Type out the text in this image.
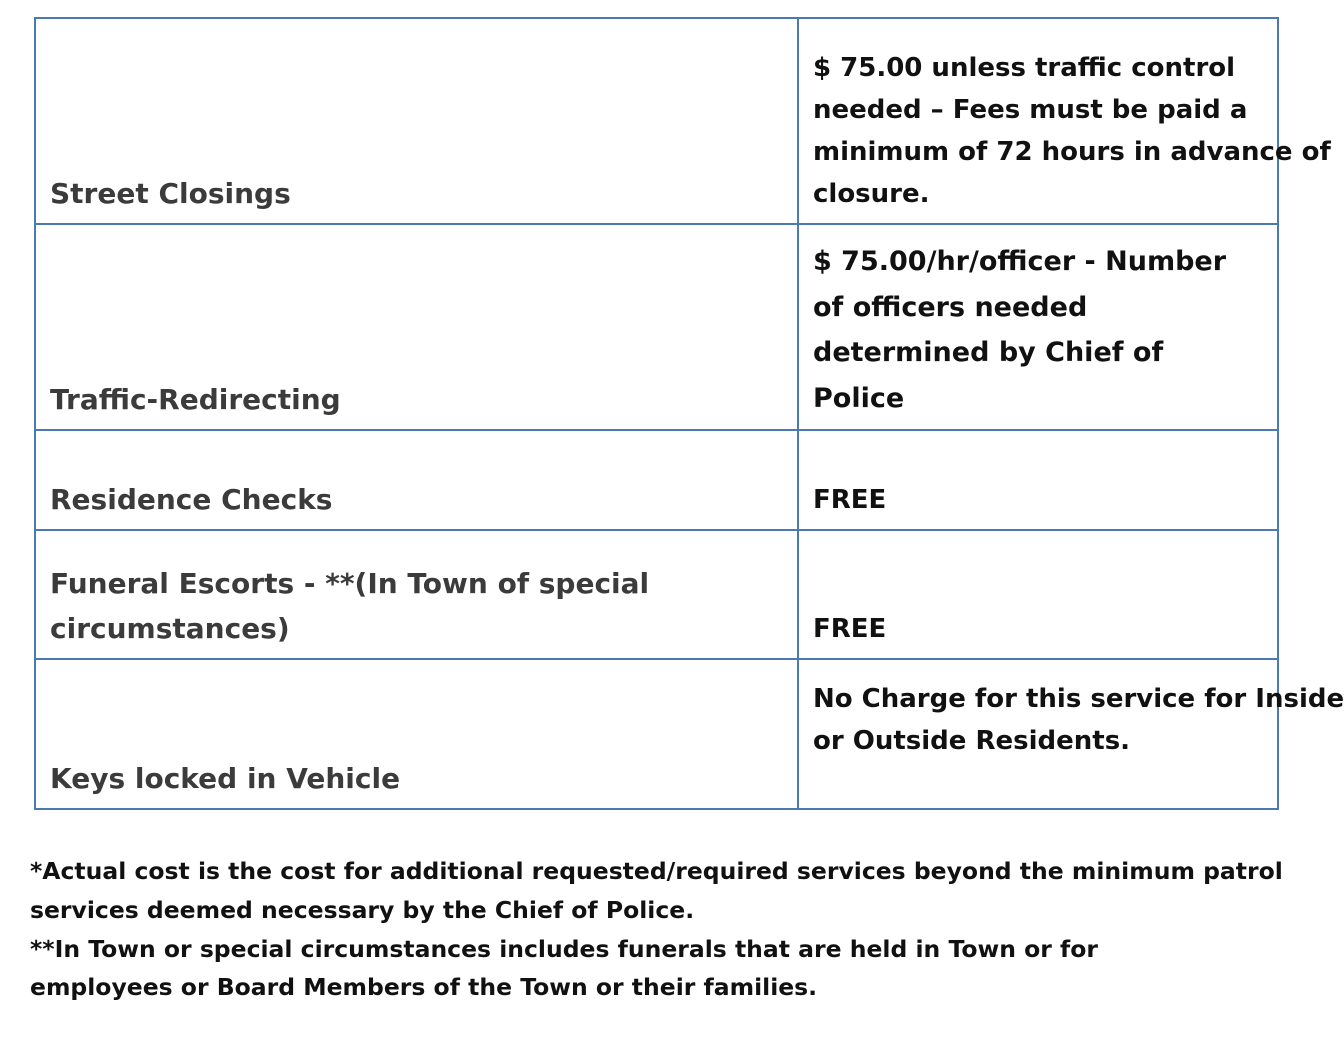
Street Closings	$ 75.00 unless traffic control
needed – Fees must be paid a
minimum of 72 hours in advance of
closure.

Traffic-Redirecting	$ 75.00/hr/officer - Number
of officers needed
determined by Chief of
Police

Residence Checks	FREE

Funeral Escorts - **(In Town of special
circumstances)	FREE

Keys locked in Vehicle	No Charge for this service for Inside
or Outside Residents.
*Actual cost is the cost for additional requested/required services beyond the minimum patrol
services deemed necessary by the Chief of Police.
**In Town or special circumstances includes funerals that are held in Town or for
employees or Board Members of the Town or their families.
